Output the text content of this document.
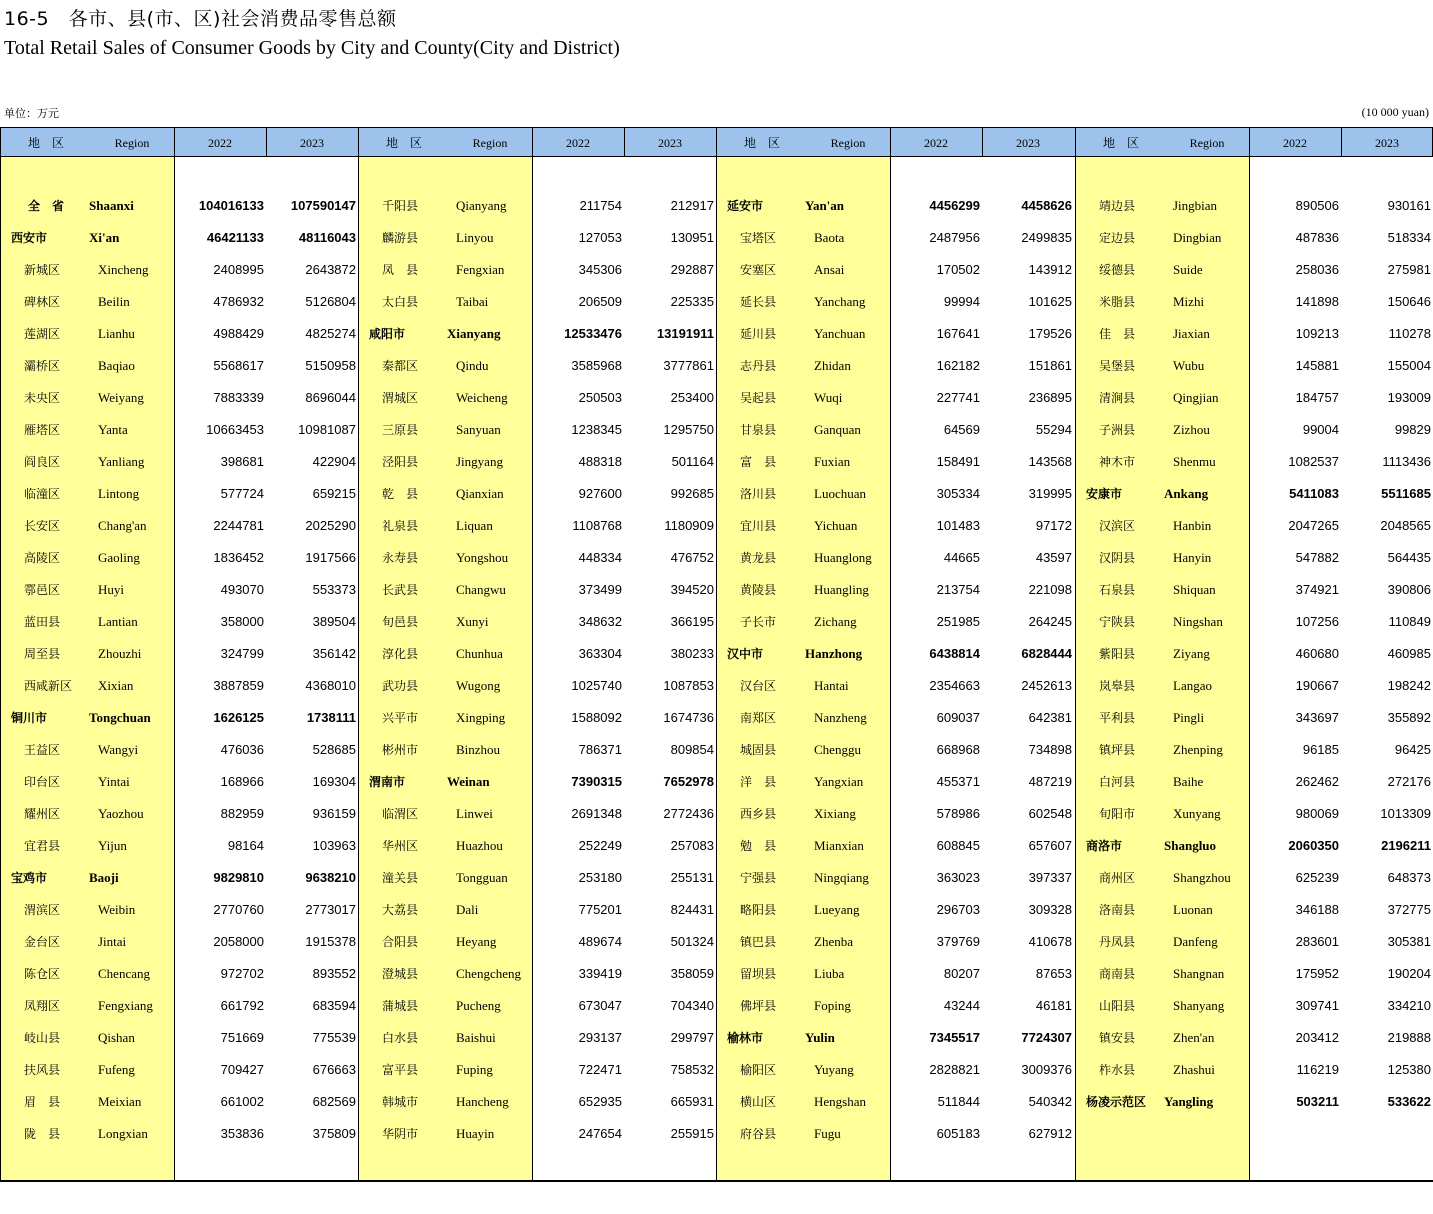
16-5　各市、县(市、区)社会消费品零售总额
Total Retail Sales of Consumer Goods by City and County(City and District)
单位：万元	(10 000 yuan)
地　区	Region	2022	2023
全　省	Shaanxi	104016133	107590147
西安市	Xi'an	46421133	48116043
新城区	Xincheng	2408995	2643872
碑林区	Beilin	4786932	5126804
莲湖区	Lianhu	4988429	4825274
灞桥区	Baqiao	5568617	5150958
未央区	Weiyang	7883339	8696044
雁塔区	Yanta	10663453	10981087
阎良区	Yanliang	398681	422904
临潼区	Lintong	577724	659215
长安区	Chang'an	2244781	2025290
高陵区	Gaoling	1836452	1917566
鄠邑区	Huyi	493070	553373
蓝田县	Lantian	358000	389504
周至县	Zhouzhi	324799	356142
西咸新区	Xixian	3887859	4368010
铜川市	Tongchuan	1626125	1738111
王益区	Wangyi	476036	528685
印台区	Yintai	168966	169304
耀州区	Yaozhou	882959	936159
宜君县	Yijun	98164	103963
宝鸡市	Baoji	9829810	9638210
渭滨区	Weibin	2770760	2773017
金台区	Jintai	2058000	1915378
陈仓区	Chencang	972702	893552
凤翔区	Fengxiang	661792	683594
岐山县	Qishan	751669	775539
扶风县	Fufeng	709427	676663
眉　县	Meixian	661002	682569
陇　县	Longxian	353836	375809
地　区	Region	2022	2023
千阳县	Qianyang	211754	212917
麟游县	Linyou	127053	130951
凤　县	Fengxian	345306	292887
太白县	Taibai	206509	225335
咸阳市	Xianyang	12533476	13191911
秦都区	Qindu	3585968	3777861
渭城区	Weicheng	250503	253400
三原县	Sanyuan	1238345	1295750
泾阳县	Jingyang	488318	501164
乾　县	Qianxian	927600	992685
礼泉县	Liquan	1108768	1180909
永寿县	Yongshou	448334	476752
长武县	Changwu	373499	394520
旬邑县	Xunyi	348632	366195
淳化县	Chunhua	363304	380233
武功县	Wugong	1025740	1087853
兴平市	Xingping	1588092	1674736
彬州市	Binzhou	786371	809854
渭南市	Weinan	7390315	7652978
临渭区	Linwei	2691348	2772436
华州区	Huazhou	252249	257083
潼关县	Tongguan	253180	255131
大荔县	Dali	775201	824431
合阳县	Heyang	489674	501324
澄城县	Chengcheng	339419	358059
蒲城县	Pucheng	673047	704340
白水县	Baishui	293137	299797
富平县	Fuping	722471	758532
韩城市	Hancheng	652935	665931
华阴市	Huayin	247654	255915
地　区	Region	2022	2023
延安市	Yan'an	4456299	4458626
宝塔区	Baota	2487956	2499835
安塞区	Ansai	170502	143912
延长县	Yanchang	99994	101625
延川县	Yanchuan	167641	179526
志丹县	Zhidan	162182	151861
吴起县	Wuqi	227741	236895
甘泉县	Ganquan	64569	55294
富　县	Fuxian	158491	143568
洛川县	Luochuan	305334	319995
宜川县	Yichuan	101483	97172
黄龙县	Huanglong	44665	43597
黄陵县	Huangling	213754	221098
子长市	Zichang	251985	264245
汉中市	Hanzhong	6438814	6828444
汉台区	Hantai	2354663	2452613
南郑区	Nanzheng	609037	642381
城固县	Chenggu	668968	734898
洋　县	Yangxian	455371	487219
西乡县	Xixiang	578986	602548
勉　县	Mianxian	608845	657607
宁强县	Ningqiang	363023	397337
略阳县	Lueyang	296703	309328
镇巴县	Zhenba	379769	410678
留坝县	Liuba	80207	87653
佛坪县	Foping	43244	46181
榆林市	Yulin	7345517	7724307
榆阳区	Yuyang	2828821	3009376
横山区	Hengshan	511844	540342
府谷县	Fugu	605183	627912
地　区	Region	2022	2023
靖边县	Jingbian	890506	930161
定边县	Dingbian	487836	518334
绥德县	Suide	258036	275981
米脂县	Mizhi	141898	150646
佳　县	Jiaxian	109213	110278
吴堡县	Wubu	145881	155004
清涧县	Qingjian	184757	193009
子洲县	Zizhou	99004	99829
神木市	Shenmu	1082537	1113436
安康市	Ankang	5411083	5511685
汉滨区	Hanbin	2047265	2048565
汉阴县	Hanyin	547882	564435
石泉县	Shiquan	374921	390806
宁陕县	Ningshan	107256	110849
紫阳县	Ziyang	460680	460985
岚皋县	Langao	190667	198242
平利县	Pingli	343697	355892
镇坪县	Zhenping	96185	96425
白河县	Baihe	262462	272176
旬阳市	Xunyang	980069	1013309
商洛市	Shangluo	2060350	2196211
商州区	Shangzhou	625239	648373
洛南县	Luonan	346188	372775
丹凤县	Danfeng	283601	305381
商南县	Shangnan	175952	190204
山阳县	Shanyang	309741	334210
镇安县	Zhen'an	203412	219888
柞水县	Zhashui	116219	125380
杨凌示范区	Yangling	503211	533622
